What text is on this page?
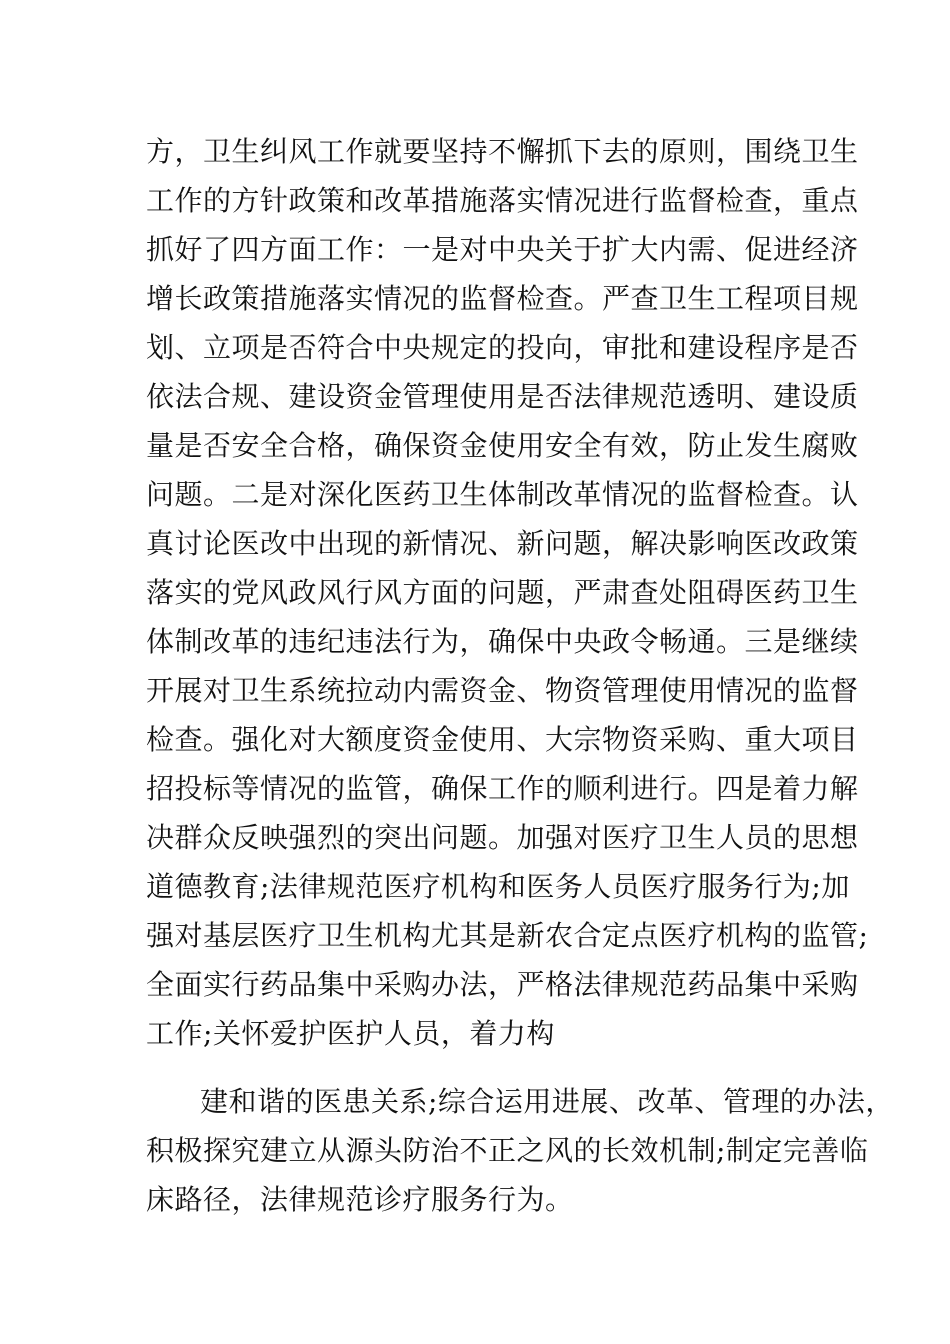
方，卫生纠风工作就要坚持不懈抓下去的原则，围绕卫生
工作的方针政策和改革措施落实情况进行监督检查，重点
抓好了四方面工作：一是对中央关于扩大内需、促进经济
增长政策措施落实情况的监督检查。严查卫生工程项目规
划、立项是否符合中央规定的投向，审批和建设程序是否
依法合规、建设资金管理使用是否法律规范透明、建设质
量是否安全合格，确保资金使用安全有效，防止发生腐败
问题。二是对深化医药卫生体制改革情况的监督检查。认
真讨论医改中出现的新情况、新问题，解决影响医改政策
落实的党风政风行风方面的问题，严肃查处阻碍医药卫生
体制改革的违纪违法行为，确保中央政令畅通。三是继续
开展对卫生系统拉动内需资金、物资管理使用情况的监督
检查。强化对大额度资金使用、大宗物资采购、重大项目
招投标等情况的监管，确保工作的顺利进行。四是着力解
决群众反映强烈的突出问题。加强对医疗卫生人员的思想
道德教育;法律规范医疗机构和医务人员医疗服务行为;加
强对基层医疗卫生机构尤其是新农合定点医疗机构的监管;
全面实行药品集中采购办法，严格法律规范药品集中采购
工作;关怀爱护医护人员，着力构
建和谐的医患关系;综合运用进展、改革、管理的办法，
积极探究建立从源头防治不正之风的长效机制;制定完善临
床路径，法律规范诊疗服务行为。
